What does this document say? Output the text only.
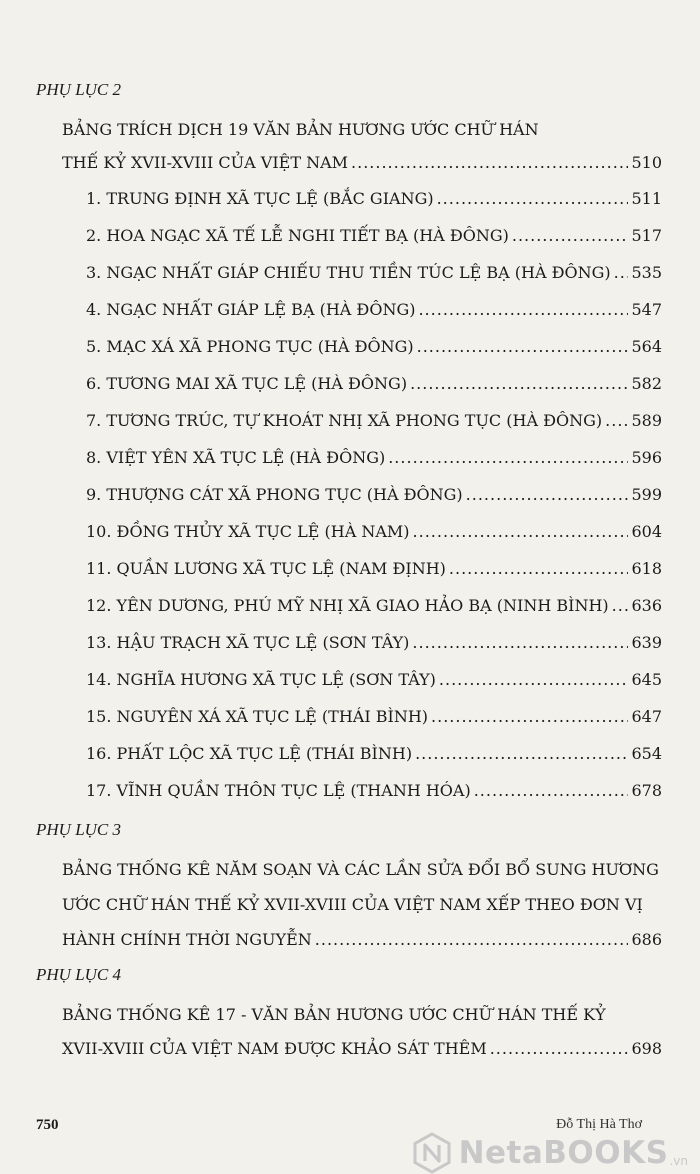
PHỤ LỤC 2
BẢNG TRÍCH DỊCH 19 VĂN BẢN HƯƠNG ƯỚC CHỮ HÁN
THẾ KỶ XVII-XVIII CỦA VIỆT NAM .....	510
1. TRUNG ĐỊNH XÃ TỤC LỆ (BẮC GIANG) .....	511
2. HOA NGẠC XÃ TẾ LỄ NGHI TIẾT BẠ (HÀ ĐÔNG) .....	517
3. NGẠC NHẤT GIÁP CHIẾU THU TIỀN TÚC LỆ BẠ (HÀ ĐÔNG) ..... 535
4. NGẠC NHẤT GIÁP LỆ BẠ (HÀ ĐÔNG) .....	547
5. MẠC XÁ XÃ PHONG TỤC (HÀ ĐÔNG) .....	564
6. TƯƠNG MAI XÃ TỤC LỆ (HÀ ĐÔNG) .....	582
7. TƯƠNG TRÚC, TỰ KHOÁT NHỊ XÃ PHONG TỤC (HÀ ĐÔNG) ..... 589
8. VIỆT YÊN XÃ TỤC LỆ (HÀ ĐÔNG) .....	596
9. THƯỢNG CÁT XÃ PHONG TỤC (HÀ ĐÔNG) .....	599
10. ĐỒNG THỦY XÃ TỤC LỆ (HÀ NAM) .....	604
11. QUẦN LƯƠNG XÃ TỤC LỆ (NAM ĐỊNH) .....	618
12. YÊN DƯƠNG, PHÚ MỸ NHỊ XÃ GIAO HẢO BẠ (NINH BÌNH) ..... 636
13. HẬU TRẠCH XÃ TỤC LỆ (SƠN TÂY) .....	639
14. NGHĨA HƯƠNG XÃ TỤC LỆ (SƠN TÂY) .....	645
15. NGUYÊN XÁ XÃ TỤC LỆ (THÁI BÌNH) .....	647
16. PHẤT LỘC XÃ TỤC LỆ (THÁI BÌNH) .....	654
17. VĨNH QUẦN THÔN TỤC LỆ (THANH HÓA) .....	678
PHỤ LỤC 3
BẢNG THỐNG KÊ NĂM SOẠN VÀ CÁC LẦN SỬA ĐỔI BỔ SUNG HƯƠNG
ƯỚC CHỮ HÁN THẾ KỶ XVII-XVIII CỦA VIỆT NAM XẾP THEO ĐƠN VỊ
HÀNH CHÍNH THỜI NGUYỄN .....	686
PHỤ LỤC 4
BẢNG THỐNG KÊ 17 - VĂN BẢN HƯƠNG ƯỚC CHỮ HÁN THẾ KỶ
XVII-XVIII CỦA VIỆT NAM ĐƯỢC KHẢO SÁT THÊM .....	698
750	Đỗ Thị Hà Thơ
NetaBOOKS .vn
